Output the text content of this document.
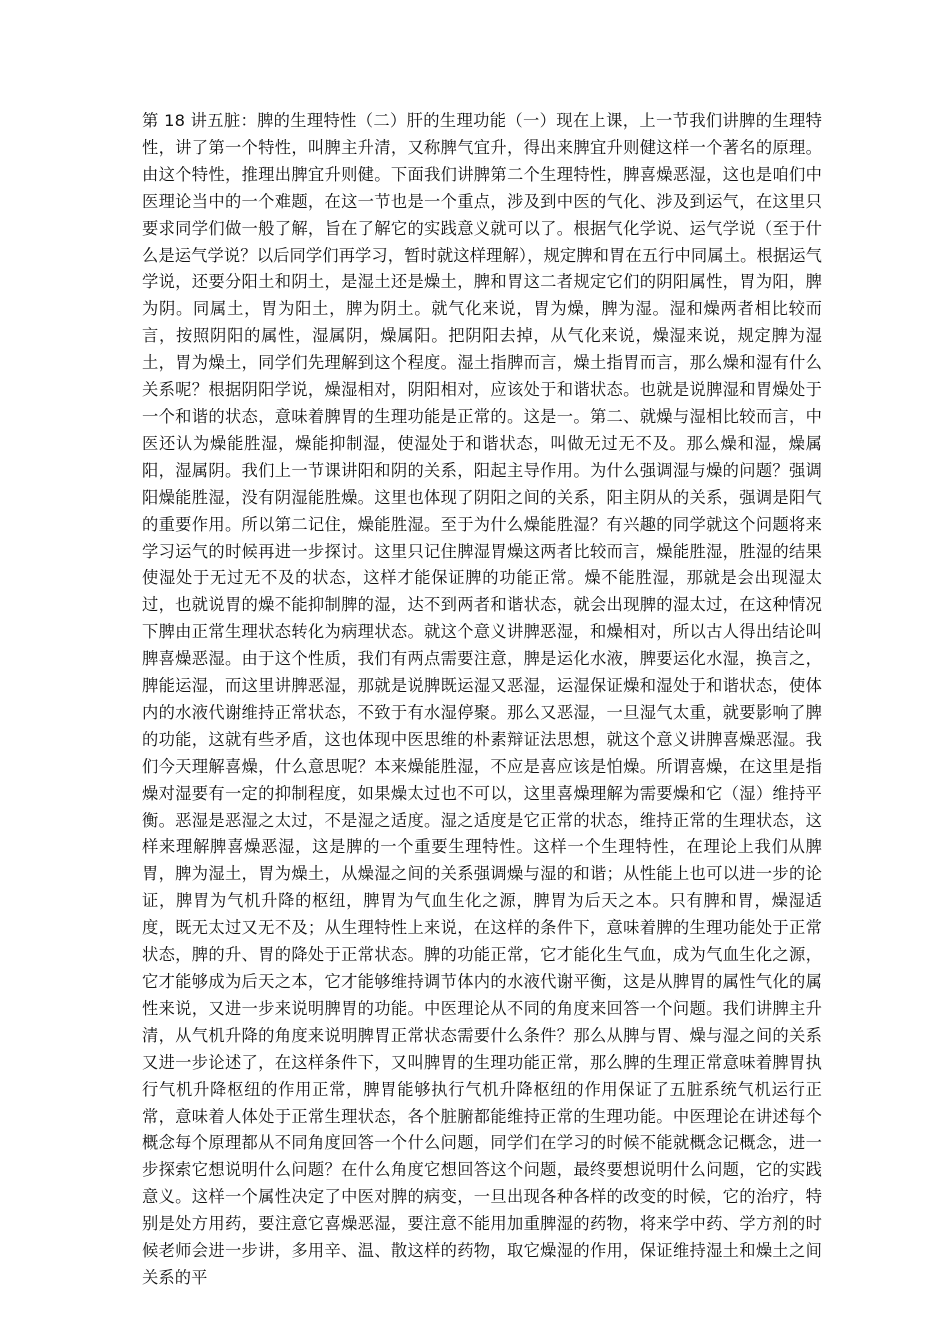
第 18 讲五脏：脾的生理特性（二）肝的生理功能（一）现在上课，上一节我们讲脾的生理特性，讲了第一个特性，叫脾主升清，又称脾气宜升，得出来脾宜升则健这样一个著名的原理。由这个特性，推理出脾宜升则健。下面我们讲脾第二个生理特性，脾喜燥恶湿，这也是咱们中医理论当中的一个难题，在这一节也是一个重点，涉及到中医的气化、涉及到运气，在这里只要求同学们做一般了解，旨在了解它的实践意义就可以了。根据气化学说、运气学说（至于什么是运气学说？以后同学们再学习，暂时就这样理解），规定脾和胃在五行中同属土。根据运气学说，还要分阳土和阴土，是湿土还是燥土，脾和胃这二者规定它们的阴阳属性，胃为阳，脾为阴。同属土，胃为阳土，脾为阴土。就气化来说，胃为燥，脾为湿。湿和燥两者相比较而言，按照阴阳的属性，湿属阴，燥属阳。把阴阳去掉，从气化来说，燥湿来说，规定脾为湿土，胃为燥土，同学们先理解到这个程度。湿土指脾而言，燥土指胃而言，那么燥和湿有什么关系呢？根据阴阳学说，燥湿相对，阴阳相对，应该处于和谐状态。也就是说脾湿和胃燥处于一个和谐的状态，意味着脾胃的生理功能是正常的。这是一。第二、就燥与湿相比较而言，中医还认为燥能胜湿，燥能抑制湿，使湿处于和谐状态，叫做无过无不及。那么燥和湿，燥属阳，湿属阴。我们上一节课讲阳和阴的关系，阳起主导作用。为什么强调湿与燥的问题？强调阳燥能胜湿，没有阴湿能胜燥。这里也体现了阴阳之间的关系，阳主阴从的关系，强调是阳气的重要作用。所以第二记住，燥能胜湿。至于为什么燥能胜湿？有兴趣的同学就这个问题将来学习运气的时候再进一步探讨。这里只记住脾湿胃燥这两者比较而言，燥能胜湿，胜湿的结果使湿处于无过无不及的状态，这样才能保证脾的功能正常。燥不能胜湿，那就是会出现湿太过，也就说胃的燥不能抑制脾的湿，达不到两者和谐状态，就会出现脾的湿太过，在这种情况下脾由正常生理状态转化为病理状态。就这个意义讲脾恶湿，和燥相对，所以古人得出结论叫脾喜燥恶湿。由于这个性质，我们有两点需要注意，脾是运化水液，脾要运化水湿，换言之，脾能运湿，而这里讲脾恶湿，那就是说脾既运湿又恶湿，运湿保证燥和湿处于和谐状态，使体内的水液代谢维持正常状态，不致于有水湿停聚。那么又恶湿，一旦湿气太重，就要影响了脾的功能，这就有些矛盾，这也体现中医思维的朴素辩证法思想，就这个意义讲脾喜燥恶湿。我们今天理解喜燥，什么意思呢？本来燥能胜湿，不应是喜应该是怕燥。所谓喜燥，在这里是指燥对湿要有一定的抑制程度，如果燥太过也不可以，这里喜燥理解为需要燥和它（湿）维持平衡。恶湿是恶湿之太过，不是湿之适度。湿之适度是它正常的状态，维持正常的生理状态，这样来理解脾喜燥恶湿，这是脾的一个重要生理特性。这样一个生理特性，在理论上我们从脾胃，脾为湿土，胃为燥土，从燥湿之间的关系强调燥与湿的和谐；从性能上也可以进一步的论证，脾胃为气机升降的枢纽，脾胃为气血生化之源，脾胃为后天之本。只有脾和胃，燥湿适度，既无太过又无不及；从生理特性上来说，在这样的条件下，意味着脾的生理功能处于正常状态，脾的升、胃的降处于正常状态。脾的功能正常，它才能化生气血，成为气血生化之源，它才能够成为后天之本，它才能够维持调节体内的水液代谢平衡，这是从脾胃的属性气化的属性来说，又进一步来说明脾胃的功能。中医理论从不同的角度来回答一个问题。我们讲脾主升清，从气机升降的角度来说明脾胃正常状态需要什么条件？那么从脾与胃、燥与湿之间的关系又进一步论述了，在这样条件下，又叫脾胃的生理功能正常，那么脾的生理正常意味着脾胃执行气机升降枢纽的作用正常，脾胃能够执行气机升降枢纽的作用保证了五脏系统气机运行正常，意味着人体处于正常生理状态，各个脏腑都能维持正常的生理功能。中医理论在讲述每个概念每个原理都从不同角度回答一个什么问题，同学们在学习的时候不能就概念记概念，进一步探索它想说明什么问题？在什么角度它想回答这个问题，最终要想说明什么问题，它的实践意义。这样一个属性决定了中医对脾的病变，一旦出现各种各样的改变的时候，它的治疗，特别是处方用药，要注意它喜燥恶湿，要注意不能用加重脾湿的药物，将来学中药、学方剂的时候老师会进一步讲，多用辛、温、散这样的药物，取它燥湿的作用，保证维持湿土和燥土之间关系的平
